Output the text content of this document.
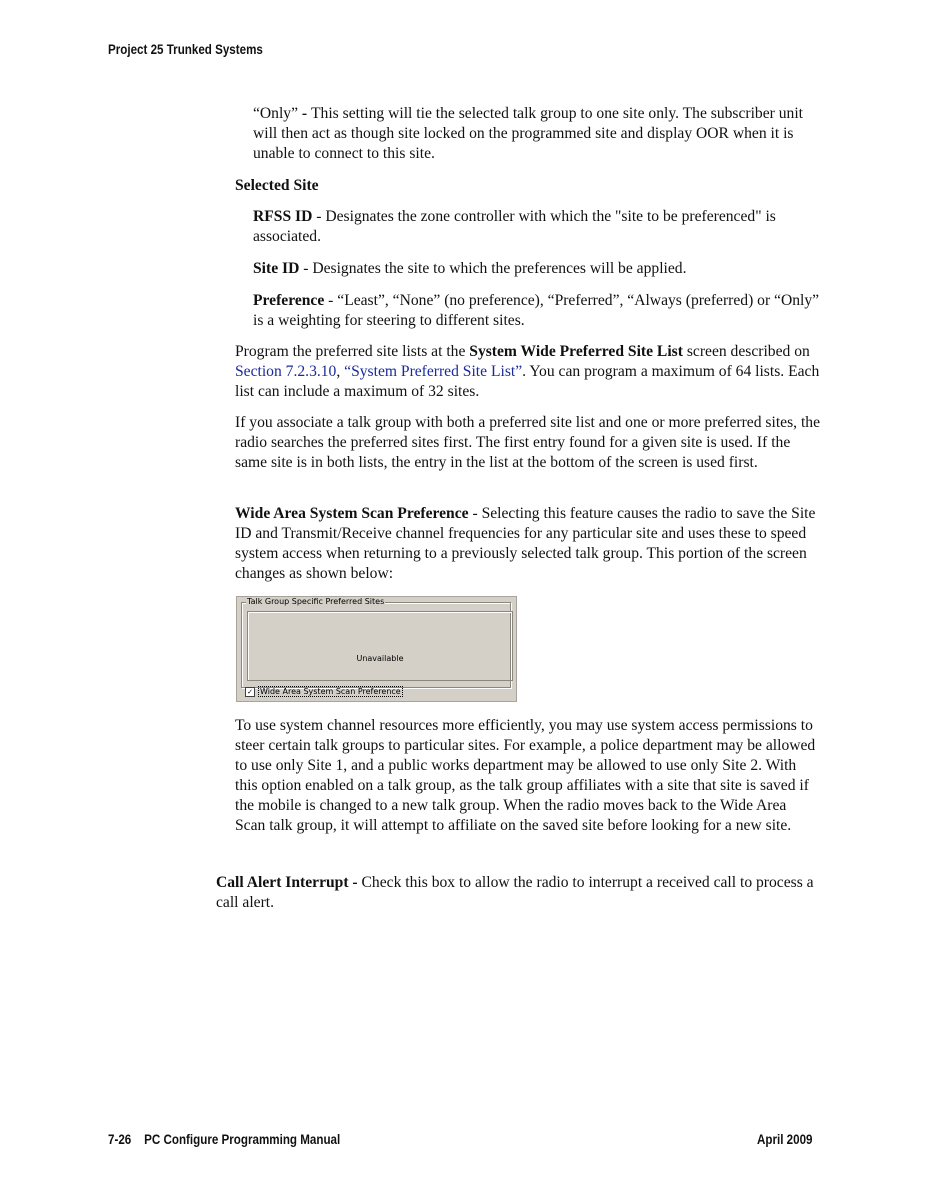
Project 25 Trunked Systems

“Only” - This setting will tie the selected talk group to one site only. The subscriber unit will then act as though site locked on the programmed site and display OOR when it is unable to connect to this site.

Selected Site

RFSS ID - Designates the zone controller with which the "site to be preferenced" is associated.

Site ID - Designates the site to which the preferences will be applied.

Preference - “Least”, “None” (no preference), “Preferred”, “Always (preferred) or “Only” is a weighting for steering to different sites.

Program the preferred site lists at the System Wide Preferred Site List screen described on Section 7.2.3.10, “System Preferred Site List”. You can program a maximum of 64 lists. Each list can include a maximum of 32 sites.

If you associate a talk group with both a preferred site list and one or more preferred sites, the radio searches the preferred sites first. The first entry found for a given site is used. If the same site is in both lists, the entry in the list at the bottom of the screen is used first.

Wide Area System Scan Preference - Selecting this feature causes the radio to save the Site ID and Transmit/Receive channel frequencies for any particular site and uses these to speed system access when returning to a previously selected talk group. This portion of the screen changes as shown below:

To use system channel resources more efficiently, you may use system access permissions to steer certain talk groups to particular sites. For example, a police department may be allowed to use only Site 1, and a public works department may be allowed to use only Site 2. With this option enabled on a talk group, as the talk group affiliates with a site that site is saved if the mobile is changed to a new talk group. When the radio moves back to the Wide Area Scan talk group, it will attempt to affiliate on the saved site before looking for a new site.

Call Alert Interrupt - Check this box to allow the radio to interrupt a received call to process a call alert.

Talk Group Specific Preferred Sites
Unavailable
✓ Wide Area System Scan Preference
7-26    PC Configure Programming Manual	April 2009
